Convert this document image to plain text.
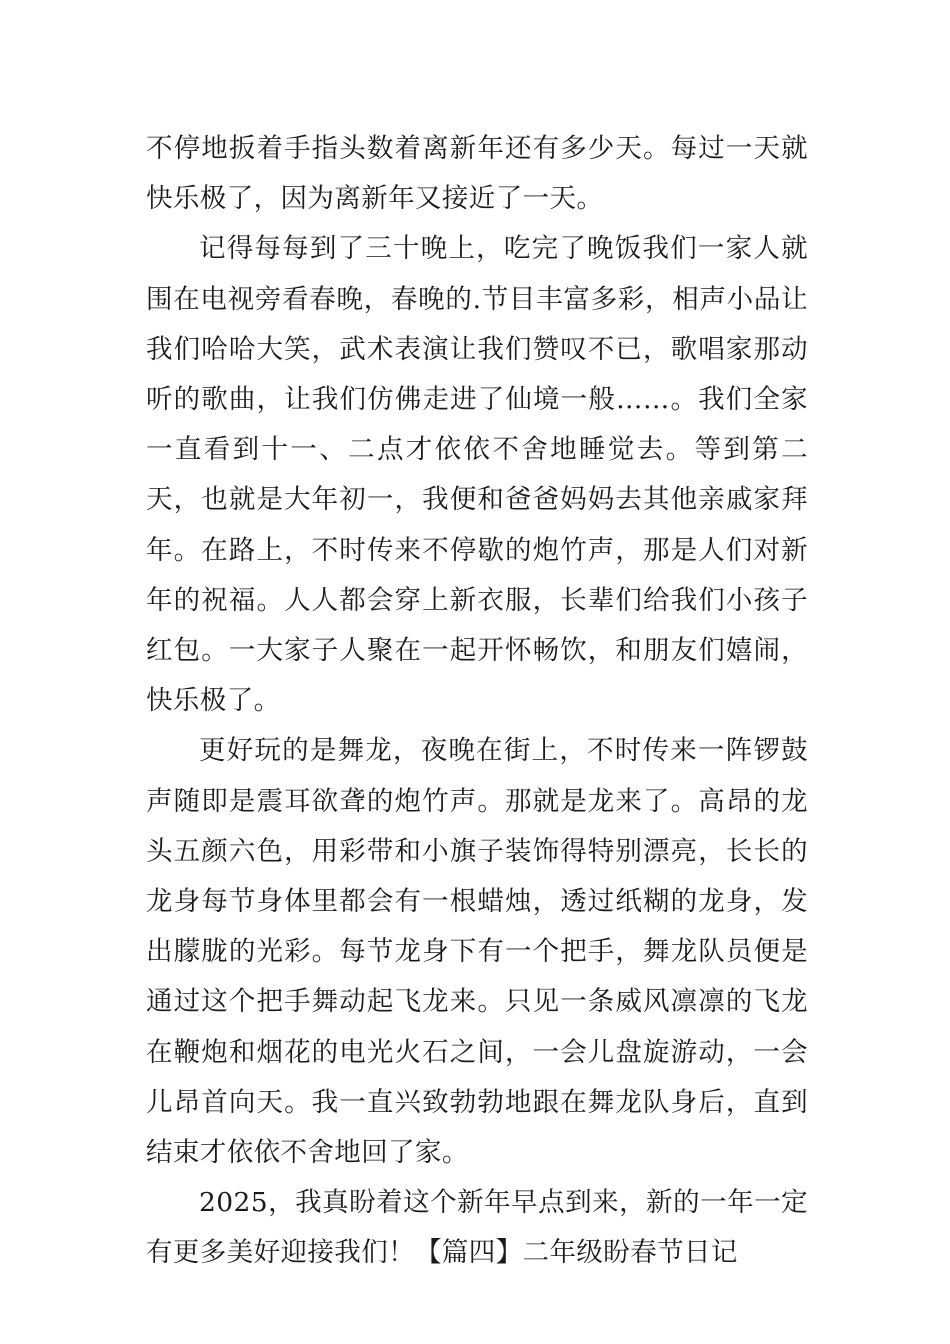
不停地扳着手指头数着离新年还有多少天。每过一天就快乐极了，因为离新年又接近了一天。

记得每每到了三十晚上，吃完了晚饭我们一家人就围在电视旁看春晚，春晚的.节目丰富多彩，相声小品让我们哈哈大笑，武术表演让我们赞叹不已，歌唱家那动听的歌曲，让我们仿佛走进了仙境一般……。我们全家一直看到十一、二点才依依不舍地睡觉去。等到第二天，也就是大年初一，我便和爸爸妈妈去其他亲戚家拜年。在路上，不时传来不停歇的炮竹声，那是人们对新年的祝福。人人都会穿上新衣服，长辈们给我们小孩子红包。一大家子人聚在一起开怀畅饮，和朋友们嬉闹，快乐极了。

更好玩的是舞龙，夜晚在街上，不时传来一阵锣鼓声随即是震耳欲聋的炮竹声。那就是龙来了。高昂的龙头五颜六色，用彩带和小旗子装饰得特别漂亮，长长的龙身每节身体里都会有一根蜡烛，透过纸糊的龙身，发出朦胧的光彩。每节龙身下有一个把手，舞龙队员便是通过这个把手舞动起飞龙来。只见一条威风凛凛的飞龙在鞭炮和烟花的电光火石之间，一会儿盘旋游动，一会儿昂首向天。我一直兴致勃勃地跟在舞龙队身后，直到结束才依依不舍地回了家。

2025，我真盼着这个新年早点到来，新的一年一定有更多美好迎接我们！【篇四】二年级盼春节日记
